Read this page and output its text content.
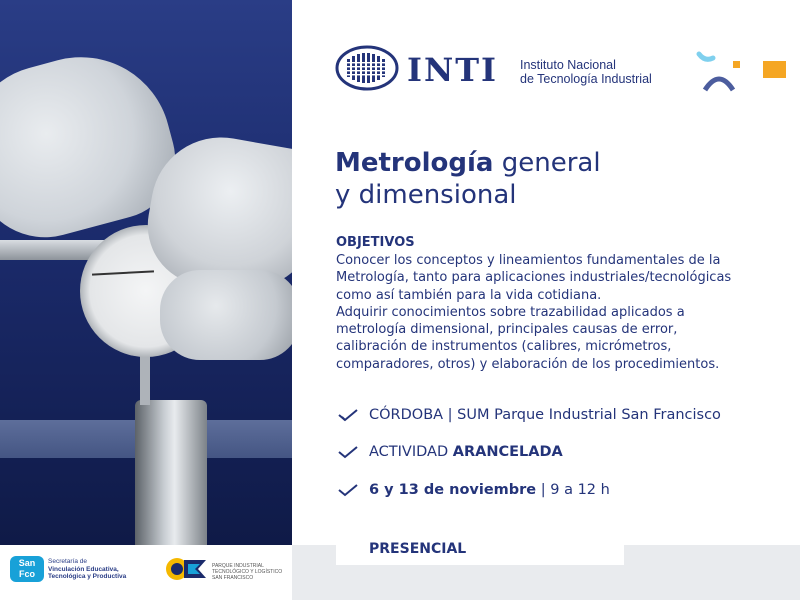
San
Fco
Secretaría de
Vinculación Educativa,
Tecnológica y Productiva
PARQUE INDUSTRIAL
TECNOLÓGICO Y LOGÍSTICO
SAN FRANCISCO
INTI Instituto Nacional
de Tecnología Industrial
Metrología general
y dimensional
OBJETIVOS
Conocer los conceptos y lineamientos fundamentales de la
Metrología, tanto para aplicaciones industriales/tecnológicas
como así también para la vida cotidiana.
Adquirir conocimientos sobre trazabilidad aplicados a
metrología dimensional, principales causas de error,
calibración de instrumentos (calibres, micrómetros,
comparadores, otros) y elaboración de los procedimientos.
CÓRDOBA | SUM Parque Industrial San Francisco
ACTIVIDAD ARANCELADA
6 y 13 de noviembre | 9 a 12 h
PRESENCIAL
